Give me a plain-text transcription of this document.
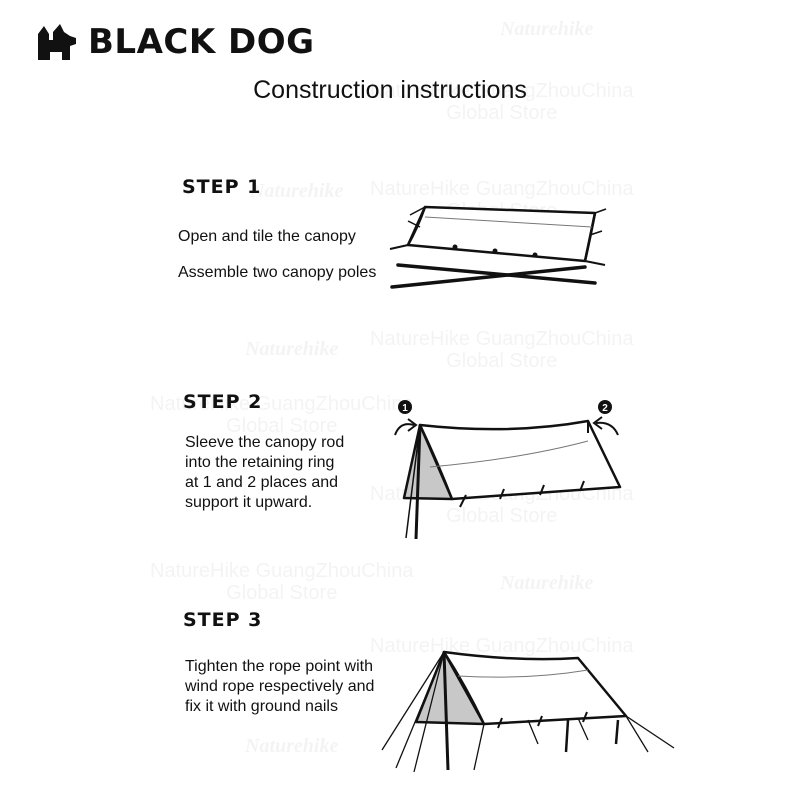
BLACK DOG
Construction instructions
STEP 1
Open and tile the canopy
Assemble two canopy poles
STEP 2
Sleeve the canopy rod
into the retaining ring
at 1 and 2 places and
support it upward.
1	2
STEP 3
Tighten the rope point with
wind rope respectively and
fix it with ground nails
